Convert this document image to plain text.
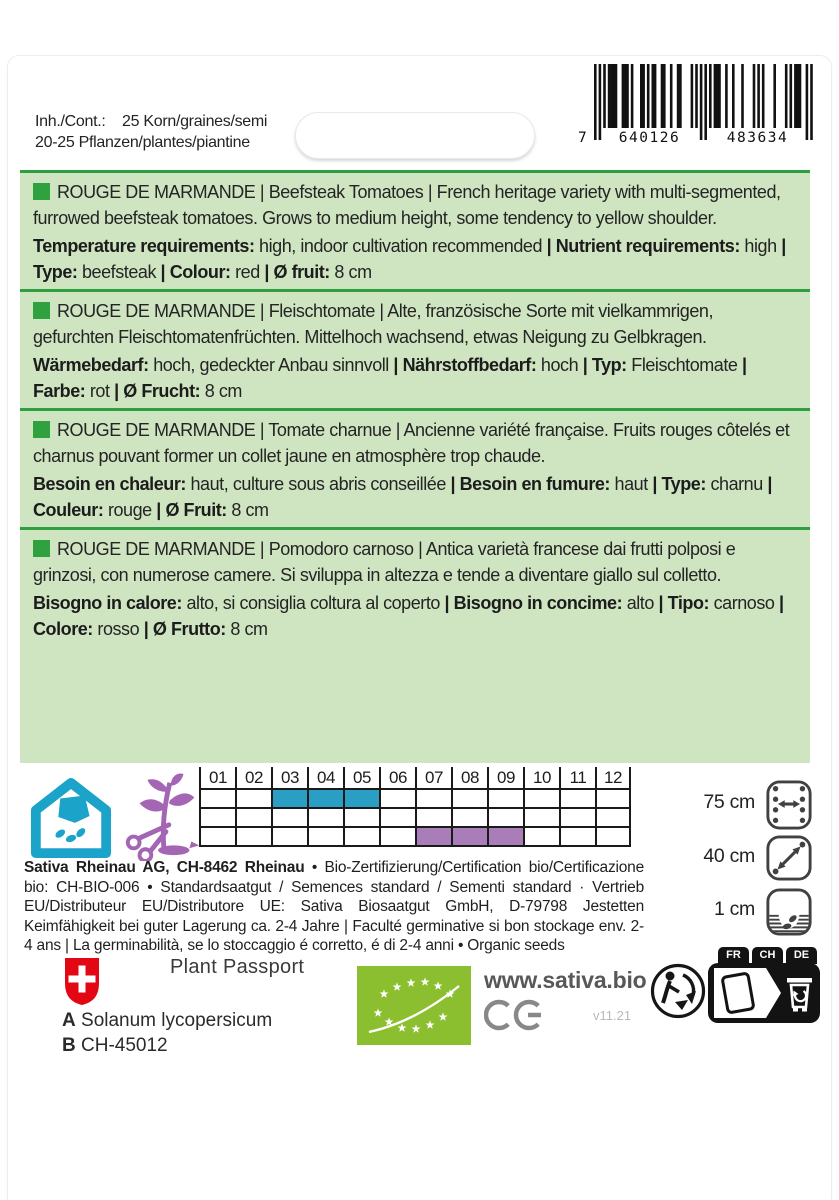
Inh./Cont.: 25 Korn/graines/semi
20-25 Pflanzen/plantes/piantine	7	640126	483634

ROUGE DE MARMANDE | Beefsteak Tomatoes | French heritage variety with multi-segmented, furrowed beefsteak tomatoes. Grows to medium height, some tendency to yellow shoulder.

Temperature requirements: high, indoor cultivation recommended | Nutrient requirements: high | Type: beefsteak | Colour: red | Ø fruit: 8 cm

ROUGE DE MARMANDE | Fleischtomate | Alte, französische Sorte mit vielkammrigen, gefurchten Fleischtomatenfrüchten. Mittelhoch wachsend, etwas Neigung zu Gelbkragen.

Wärmebedarf: hoch, gedeckter Anbau sinnvoll | Nährstoffbedarf: hoch | Typ: Fleischtomate | Farbe: rot | Ø Frucht: 8 cm

ROUGE DE MARMANDE | Tomate charnue | Ancienne variété française. Fruits rouges côtelés et charnus pouvant former un collet jaune en atmosphère trop chaude.

Besoin en chaleur: haut, culture sous abris conseillée | Besoin en fumure: haut | Type: charnu | Couleur: rouge | Ø Fruit: 8 cm

ROUGE DE MARMANDE | Pomodoro carnoso | Antica varietà francese dai frutti polposi e grinzosi, con numerose camere. Si sviluppa in altezza e tende a diventare giallo sul colletto.

Bisogno in calore: alto, si consiglia coltura al coperto | Bisogno in concime: alto | Tipo: carnoso | Colore: rosso | Ø Frutto: 8 cm

01	02	03	04	05	06	07	08	09	10	11	12
75 cm
40 cm
1 cm

Sativa Rheinau AG, CH-8462 Rheinau • Bio-Zertifizierung/Certification bio/Certificazione bio: CH-BIO-006 • Standardsaatgut / Semences standard / Sementi standard · Vertrieb EU/Distributeur EU/Distributore UE: Sativa Biosaatgut GmbH, D-79798 Jestetten Keimfähigkeit bei guter Lagerung ca. 2-4 Jahre | Faculté germinative si bon stockage env. 2-4 ans | La germinabilità, se lo stoccaggio é corretto, é di 2-4 anni • Organic seeds

Plant Passport
A Solanum lycopersicum
B CH-45012
www.sativa.bio
v11.21
FR	CH	DE
